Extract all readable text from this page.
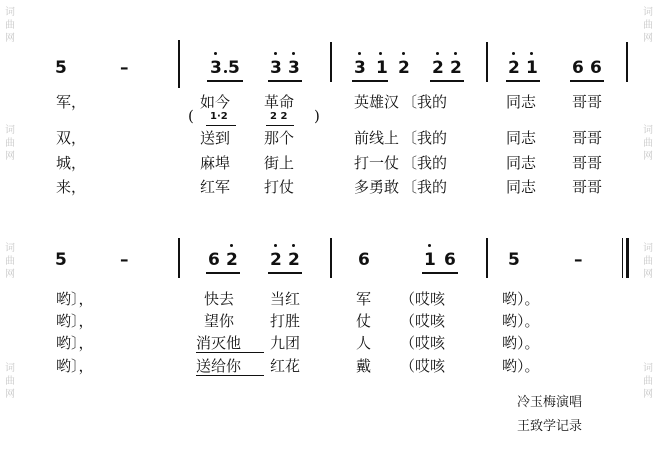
词
曲
网
词
曲
网
词
曲
网
词
曲
网
词
曲
网
词
曲
网
词
曲
网
词
曲
网
5	–	3 5 3 3	3 1 2 2 2	2 1 6 6
军，	如今 革命	英雄汉 〔我的	同志 哥哥
( 1·2	2 2 )
双，	送到 那个	前线上 〔我的	同志 哥哥
城，	麻埠 街上	打一仗 〔我的	同志 哥哥
来，	红军 打仗	多勇敢 〔我的	同志 哥哥
5	–	6 2 2 2	6	1 6	5	–
哟〕，	快去 当红	军 （哎咳	哟）。
哟〕，	望你 打胜	仗 （哎咳	哟）。
哟〕，	消灭他 九团	人 （哎咳	哟）。
哟〕，	送给你 红花	戴 （哎咳	哟）。
冷玉梅演唱
王致学记录
